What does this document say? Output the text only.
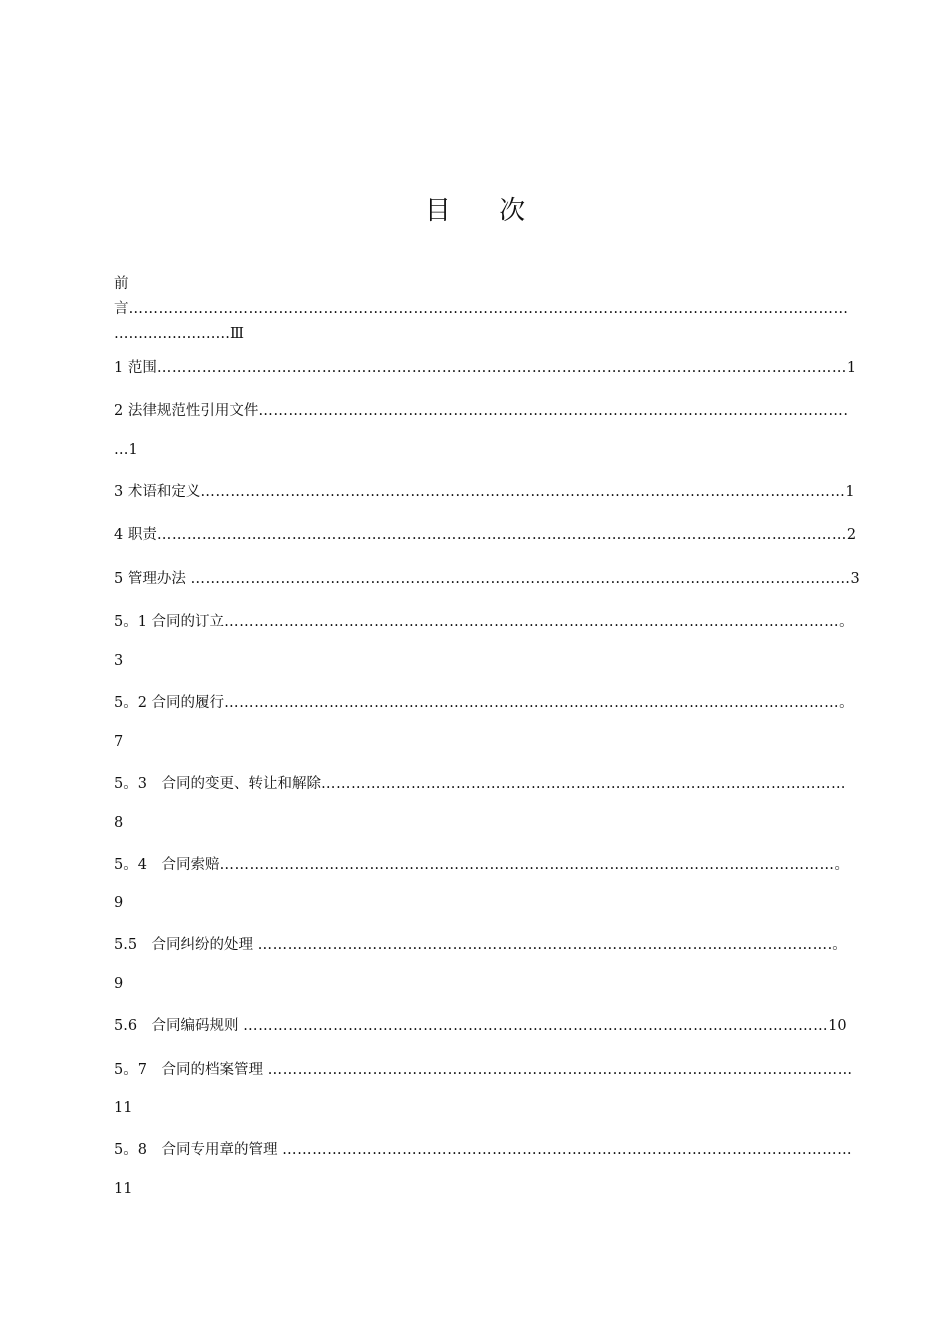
目 次
前
言………………………………………………………………………………………………………………………………
……………………Ⅲ
1 范围…………………………………………………………………………………………………………………………1
2 法律规范性引用文件……………………………………………………………………………………………………….
…1
3 术语和定义…………………………………………………………………………………………………………………1
4 职责…………………………………………………………………………………………………………………………2
5 管理办法 ……………………………………………………………………………………………………………………3
5。1 合同的订立……………………………………………………………………………………………………………。
3
5。2 合同的履行……………………………………………………………………………………………………………。
7
5。3　合同的变更、转让和解除……………………………………………………………………………………………
8
5。4　合同索赔……………………………………………………………………………………………………………。
9
5.5　合同纠纷的处理 …………………………………………………………………………………………………….。
9
5.6　合同编码规则 ………………………………………………………………………………………………………10
5。7　合同的档案管理 ………………………………………………………………………………………………………
11
5。8　合同专用章的管理 ……………………………………………………………………………………………………
11
